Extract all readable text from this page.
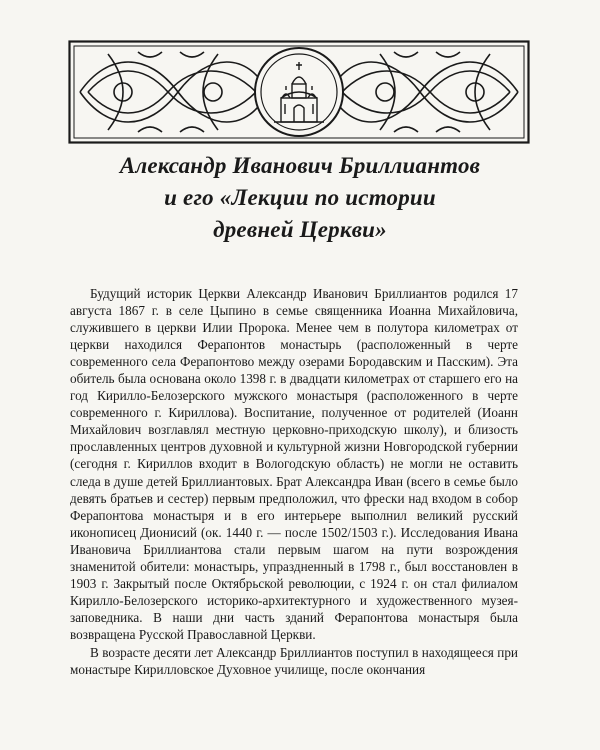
Александр Иванович Бриллиантов
и его «Лекции по истории
древней Церкви»

Будущий историк Церкви Александр Иванович Бриллиантов родился 17 августа 1867 г. в селе Цыпино в семье священника Иоанна Михайловича, служившего в церкви Илии Пророка. Менее чем в полутора километрах от церкви находился Ферапонтов монастырь (расположенный в черте современного села Ферапонтово между озерами Бородавским и Пасским). Эта обитель была основана около 1398 г. в двадцати километрах от старшего его на год Кирилло-Белозерского мужского монастыря (расположенного в черте современного г. Кириллова). Воспитание, полученное от родителей (Иоанн Михайлович возглавлял местную церковно-приходскую школу), и близость прославленных центров духовной и культурной жизни Новгородской губернии (сегодня г. Кириллов входит в Вологодскую область) не могли не оставить следа в душе детей Бриллиантовых. Брат Александра Иван (всего в семье было девять братьев и сестер) первым предположил, что фрески над входом в собор Ферапонтова монастыря и в его интерьере выполнил великий русский иконописец Дионисий (ок. 1440 г. — после 1502/1503 г.). Исследования Ивана Ивановича Бриллиантова стали первым шагом на пути возрождения знаменитой обители: монастырь, упраздненный в 1798 г., был восстановлен в 1903 г. Закрытый после Октябрьской революции, с 1924 г. он стал филиалом Кирилло-Белозерского историко-архитектурного и художественного музея-заповедника. В наши дни часть зданий Ферапонтова монастыря была возвращена Русской Православной Церкви.

В возрасте десяти лет Александр Бриллиантов поступил в находящееся при монастыре Кирилловское Духовное училище, после окончания
